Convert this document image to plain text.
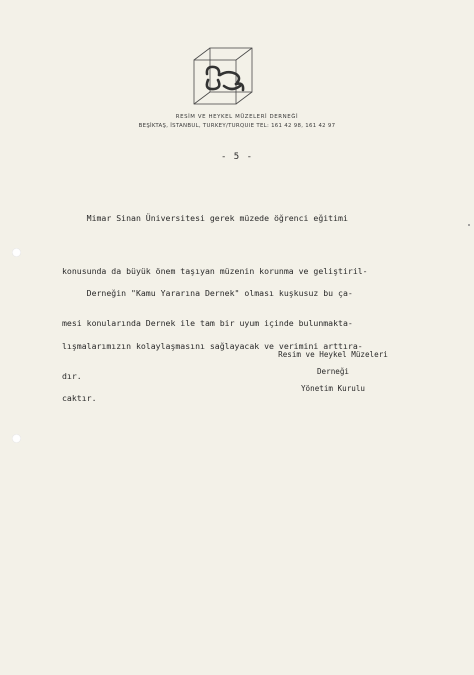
RESİM VE HEYKEL MÜZELERİ DERNEĞİ
BEŞİKTAŞ, İSTANBUL, TURKEY/TURQUIE TEL: 161 42 98, 161 42 97
- 5 -

Mimar Sinan Üniversitesi gerek müzede öğrenci eğitimi

konusunda da büyük önem taşıyan müzenin korunma ve geliştiril-

mesi konularında Dernek ile tam bir uyum içinde bulunmakta-

dır.

Derneğin "Kamu Yararına Dernek" olması kuşkusuz bu ça-

lışmalarımızın kolaylaşmasını sağlayacak ve verimini arttıra-

caktır.

Resim ve Heykel Müzeleri
Derneği
Yönetim Kurulu
